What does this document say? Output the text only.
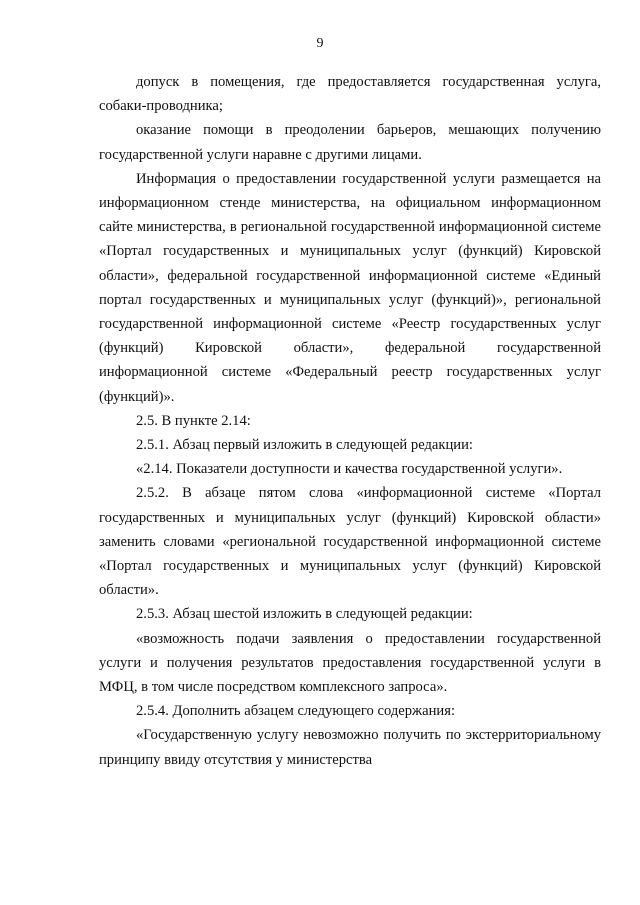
9

допуск в помещения, где предоставляется государственная услуга, собаки-проводника;

оказание помощи в преодолении барьеров, мешающих получению государственной услуги наравне с другими лицами.

Информация о предоставлении государственной услуги размещается на информационном стенде министерства, на официальном информационном сайте министерства, в региональной государственной информационной системе «Портал государственных и муниципальных услуг (функций) Кировской области», федеральной государственной информационной системе «Единый портал государственных и муниципальных услуг (функций)», региональной государственной информационной системе «Реестр государственных услуг (функций) Кировской области», федеральной государственной информационной системе «Федеральный реестр государственных услуг (функций)».

2.5. В пункте 2.14:

2.5.1. Абзац первый изложить в следующей редакции:

«2.14. Показатели доступности и качества государственной услуги».

2.5.2. В абзаце пятом слова «информационной системе «Портал государственных и муниципальных услуг (функций) Кировской области» заменить словами «региональной государственной информационной системе «Портал государственных и муниципальных услуг (функций) Кировской области».

2.5.3. Абзац шестой изложить в следующей редакции:

«возможность подачи заявления о предоставлении государственной услуги и получения результатов предоставления государственной услуги в МФЦ, в том числе посредством комплексного запроса».

2.5.4. Дополнить абзацем следующего содержания:

«Государственную услугу невозможно получить по экстерриториальному принципу ввиду отсутствия у министерства
